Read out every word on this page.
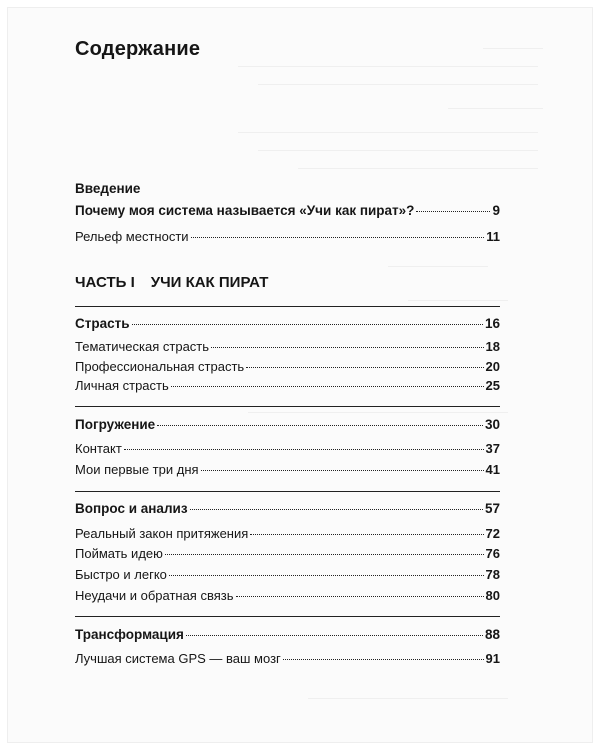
Содержание
Введение
Почему моя система называется «Учи как пират»?	9
Рельеф местности	11
ЧАСТЬ I УЧИ КАК ПИРАТ
Страсть	16
Тематическая страсть	18
Профессиональная страсть	20
Личная страсть	25
Погружение	30
Контакт	37
Мои первые три дня	41
Вопрос и анализ	57
Реальный закон притяжения	72
Поймать идею	76
Быстро и легко	78
Неудачи и обратная связь	80
Трансформация	88
Лучшая система GPS — ваш мозг	91
